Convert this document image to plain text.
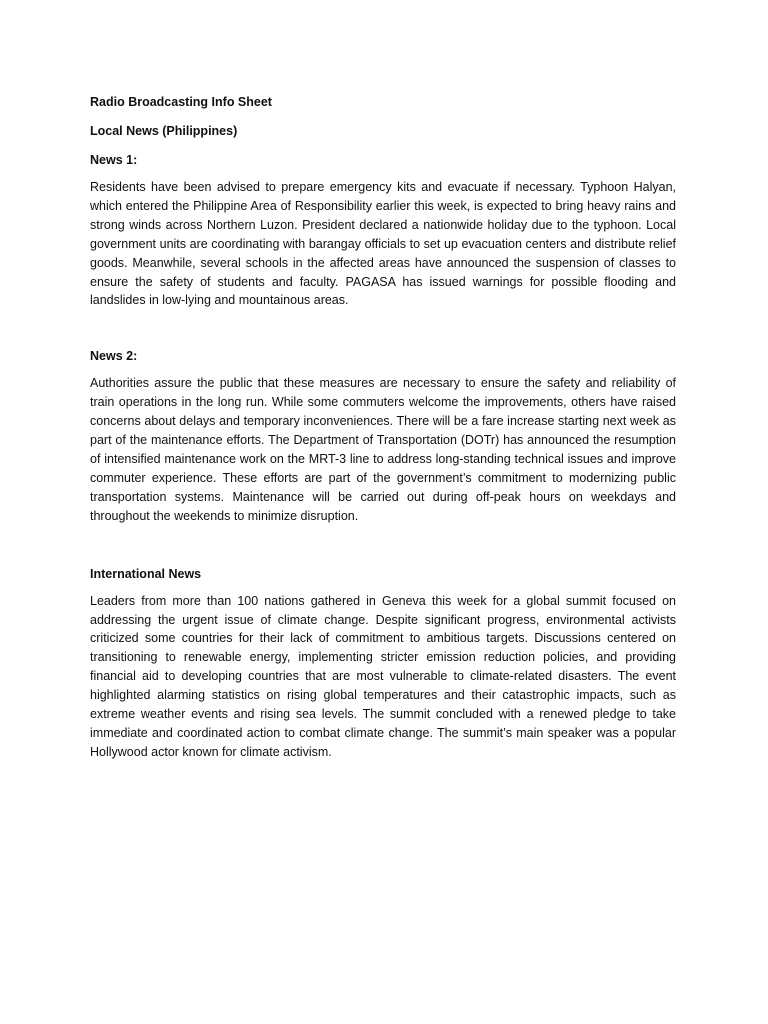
Radio Broadcasting Info Sheet

Local News (Philippines)

News 1:

Residents have been advised to prepare emergency kits and evacuate if necessary. Typhoon Halyan, which entered the Philippine Area of Responsibility earlier this week, is expected to bring heavy rains and strong winds across Northern Luzon. President declared a nationwide holiday due to the typhoon. Local government units are coordinating with barangay officials to set up evacuation centers and distribute relief goods. Meanwhile, several schools in the affected areas have announced the suspension of classes to ensure the safety of students and faculty. PAGASA has issued warnings for possible flooding and landslides in low-lying and mountainous areas.

News 2:

Authorities assure the public that these measures are necessary to ensure the safety and reliability of train operations in the long run. While some commuters welcome the improvements, others have raised concerns about delays and temporary inconveniences. There will be a fare increase starting next week as part of the maintenance efforts. The Department of Transportation (DOTr) has announced the resumption of intensified maintenance work on the MRT-3 line to address long-standing technical issues and improve commuter experience. These efforts are part of the government’s commitment to modernizing public transportation systems. Maintenance will be carried out during off-peak hours on weekdays and throughout the weekends to minimize disruption.

International News

Leaders from more than 100 nations gathered in Geneva this week for a global summit focused on addressing the urgent issue of climate change. Despite significant progress, environmental activists criticized some countries for their lack of commitment to ambitious targets. Discussions centered on transitioning to renewable energy, implementing stricter emission reduction policies, and providing financial aid to developing countries that are most vulnerable to climate-related disasters. The event highlighted alarming statistics on rising global temperatures and their catastrophic impacts, such as extreme weather events and rising sea levels. The summit concluded with a renewed pledge to take immediate and coordinated action to combat climate change. The summit’s main speaker was a popular Hollywood actor known for climate activism.
